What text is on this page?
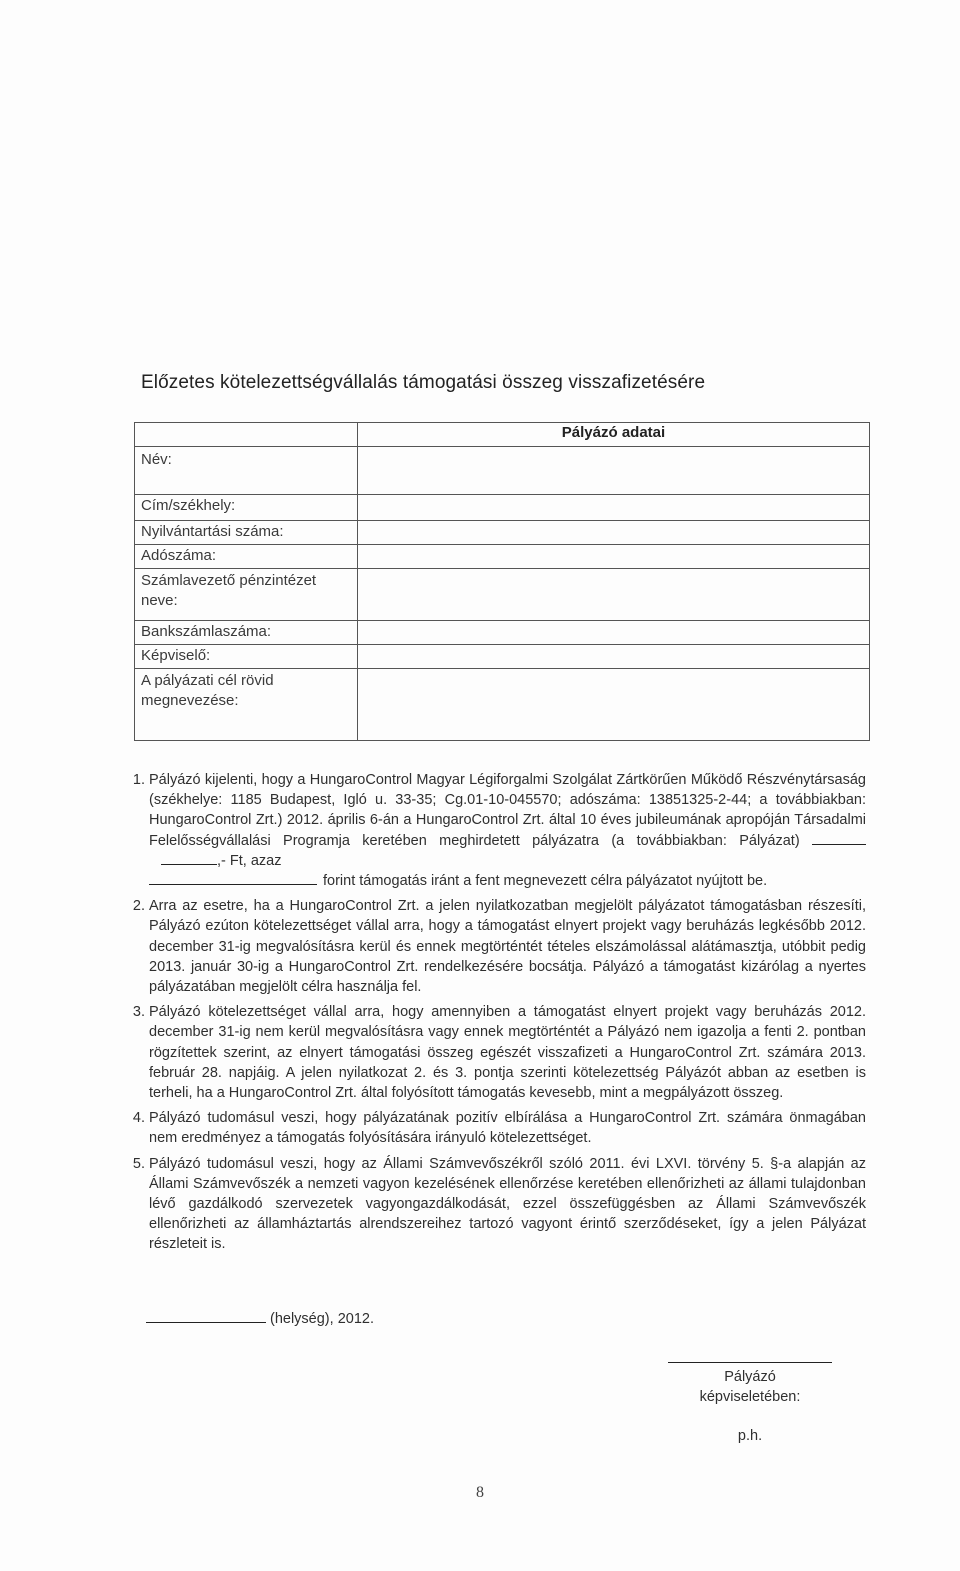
Előzetes kötelezettségvállalás támogatási összeg visszafizetésére
	Pályázó adatai
Név:	
Cím/székhely:	
Nyilvántartási száma:	
Adószáma:	
Számlavezető pénzintézet neve:	
Bankszámlaszáma:	
Képviselő:	
A pályázati cél rövid megnevezése:	
1. Pályázó kijelenti, hogy a HungaroControl Magyar Légiforgalmi Szolgálat Zártkörűen Működő Részvénytársaság (székhelye: 1185 Budapest, Igló u. 33-35; Cg.01-10-045570; adószáma: 13851325-2-44; a továbbiakban: HungaroControl Zrt.) 2012. április 6-án a HungaroControl Zrt. által 10 éves jubileumának apropóján Társadalmi Felelősségvállalási Programja keretében meghirdetett pályázatra (a továbbiakban: Pályázat)  ,- Ft, azaz
forint támogatás iránt a fent megnevezett célra pályázatot nyújtott be.
2. Arra az esetre, ha a HungaroControl Zrt. a jelen nyilatkozatban megjelölt pályázatot támogatásban részesíti, Pályázó ezúton kötelezettséget vállal arra, hogy a támogatást elnyert projekt vagy beruházás legkésőbb 2012. december 31-ig megvalósításra kerül és ennek megtörténtét tételes elszámolással alátámasztja, utóbbit pedig 2013. január 30-ig a HungaroControl Zrt. rendelkezésére bocsátja. Pályázó a támogatást kizárólag a nyertes pályázatában megjelölt célra használja fel.
3. Pályázó kötelezettséget vállal arra, hogy amennyiben a támogatást elnyert projekt vagy beruházás 2012. december 31-ig nem kerül megvalósításra vagy ennek megtörténtét a Pályázó nem igazolja a fenti 2. pontban rögzítettek szerint, az elnyert támogatási összeg egészét visszafizeti a HungaroControl Zrt. számára 2013. február 28. napjáig. A jelen nyilatkozat 2. és 3. pontja szerinti kötelezettség Pályázót abban az esetben is terheli, ha a HungaroControl Zrt. által folyósított támogatás kevesebb, mint a megpályázott összeg.
4. Pályázó tudomásul veszi, hogy pályázatának pozitív elbírálása a HungaroControl Zrt. számára önmagában nem eredményez a támogatás folyósítására irányuló kötelezettséget.
5. Pályázó tudomásul veszi, hogy az Állami Számvevőszékről szóló 2011. évi LXVI. törvény 5. §-a alapján az Állami Számvevőszék a nemzeti vagyon kezelésének ellenőrzése keretében ellenőrizheti az állami tulajdonban lévő gazdálkodó szervezetek vagyongazdálkodását, ezzel összefüggésben az Állami Számvevőszék ellenőrizheti az államháztartás alrendszereihez tartozó vagyont érintő szerződéseket, így a jelen Pályázat részleteit is.
(helység), 2012.
Pályázó
képviseletében:
p.h.
8
